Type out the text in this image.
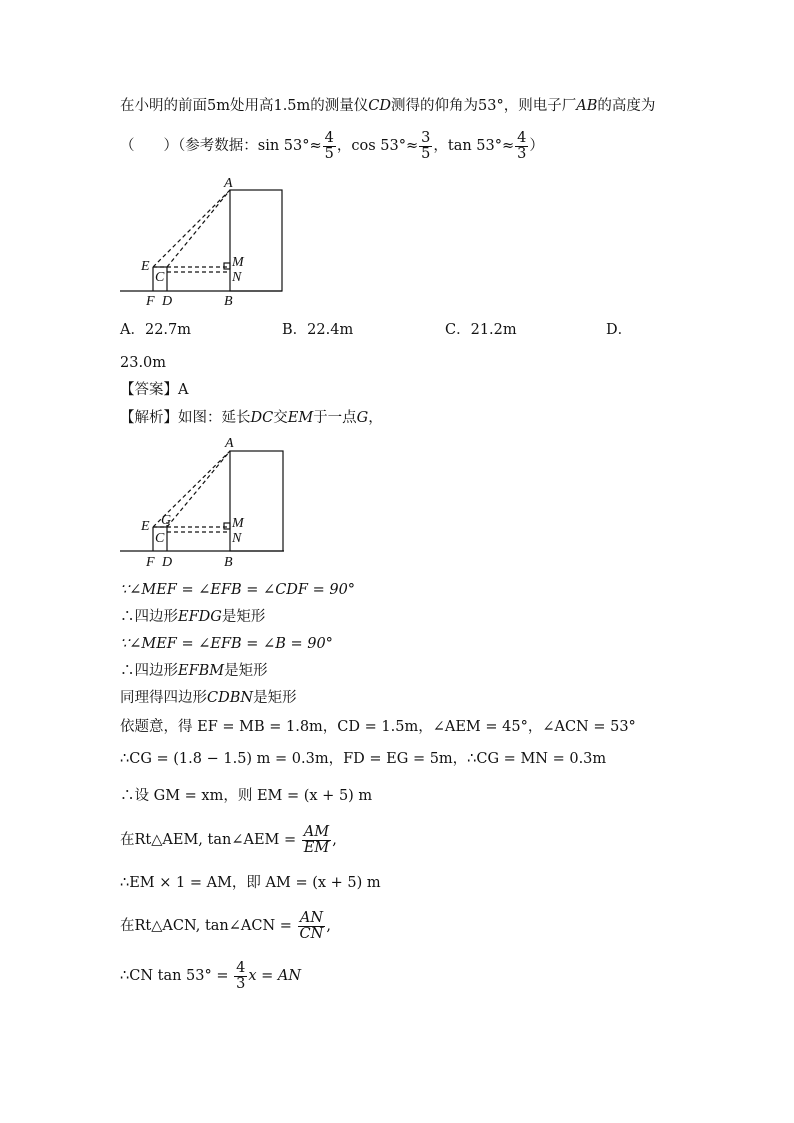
在小明的前面5m处用高1.5m的测量仪CD测得的仰角为53°，则电子厂AB的高度为
（　　）（参考数据：$\sin 53^\circ\approx \frac{4}{5}$ ，$\cos 53^\circ\approx \frac{3}{5}$ ，$\tan 53^\circ\approx \frac{4}{3}$ ）
A
E
C
M
N
F D	B
A．22.7m	B．22.4m	C．21.2m	D．
23.0m
【答案】A
【解析】如图：延长DC交EM于一点G，
A
E G
C
M
N
F D	B
∵∠MEF = ∠EFB = ∠CDF = 90°
∴四边形EFDG是矩形
∵∠MEF = ∠EFB = ∠B = 90°
∴四边形EFBM是矩形
同理得四边形CDBN是矩形
依题意，得 EF = MB = 1.8m，CD = 1.5m，∠AEM = 45°，∠ACN = 53°
∴CG = (1.8 − 1.5) m = 0.3m，FD = EG = 5m，∴CG = MN = 0.3m
∴设 GM = xm，则 EM = (x + 5) m
在Rt△AEM, tan∠AEM = $\frac{AM}{EM}$ ,
∴EM × 1 = AM，即 AM = (x + 5) m
在Rt△ACN, tan∠ACN = $\frac{AN}{CN}$ ,
∴CN $\tan 53^\circ = \frac{4}{3}$ x = AN
